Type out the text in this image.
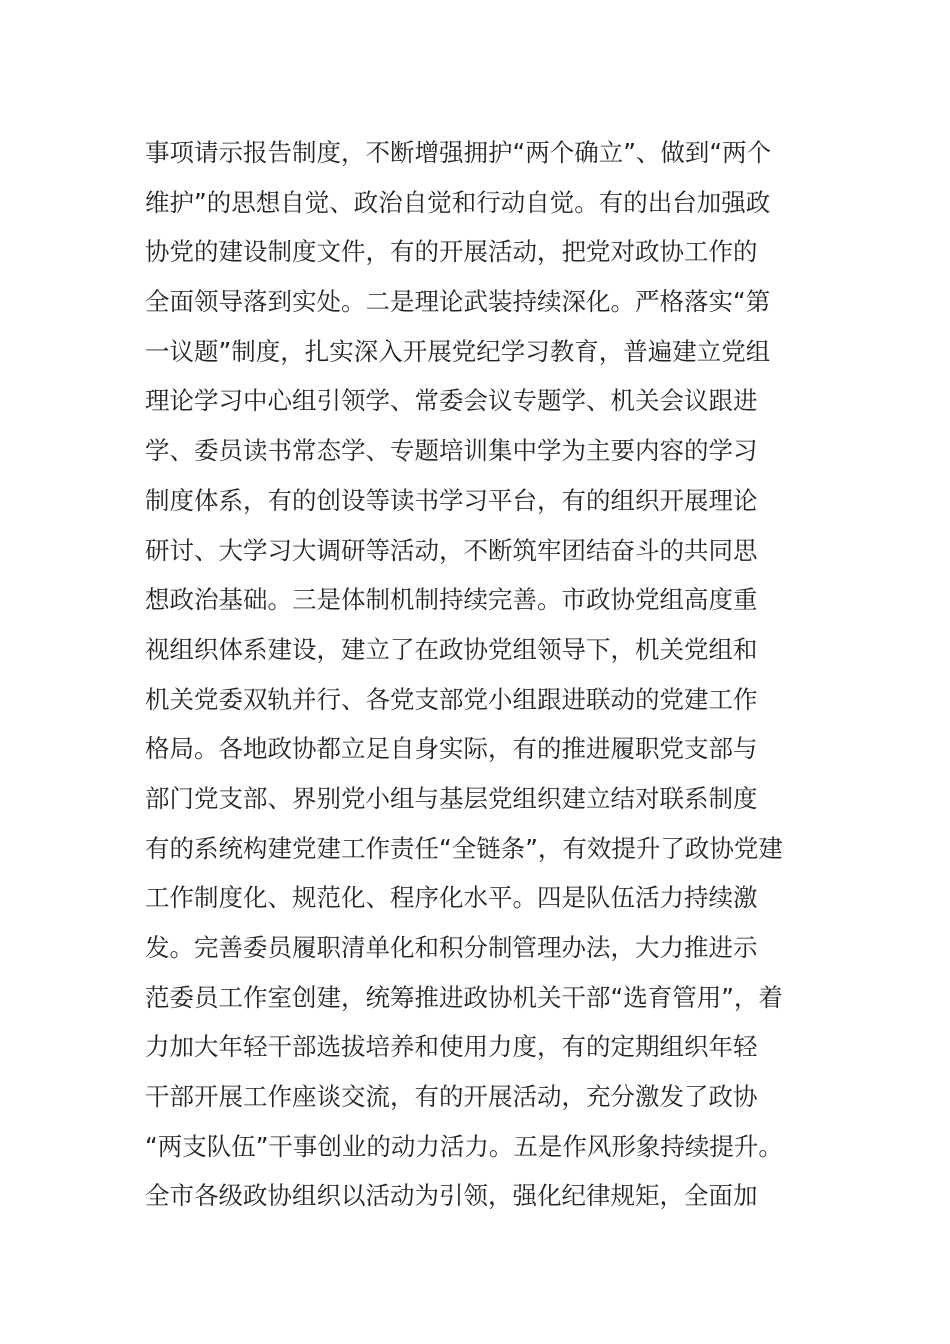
事项请示报告制度，不断增强拥护“两个确立”、做到“两个
维护”的思想自觉、政治自觉和行动自觉。有的出台加强政
协党的建设制度文件，有的开展活动，把党对政协工作的
全面领导落到实处。二是理论武装持续深化。严格落实“第
一议题”制度，扎实深入开展党纪学习教育，普遍建立党组
理论学习中心组引领学、常委会议专题学、机关会议跟进
学、委员读书常态学、专题培训集中学为主要内容的学习
制度体系，有的创设等读书学习平台，有的组织开展理论
研讨、大学习大调研等活动，不断筑牢团结奋斗的共同思
想政治基础。三是体制机制持续完善。市政协党组高度重
视组织体系建设，建立了在政协党组领导下，机关党组和
机关党委双轨并行、各党支部党小组跟进联动的党建工作
格局。各地政协都立足自身实际，有的推进履职党支部与
部门党支部、界别党小组与基层党组织建立结对联系制度
有的系统构建党建工作责任“全链条”，有效提升了政协党建
工作制度化、规范化、程序化水平。四是队伍活力持续激
发。完善委员履职清单化和积分制管理办法，大力推进示
范委员工作室创建，统筹推进政协机关干部“选育管用”，着
力加大年轻干部选拔培养和使用力度，有的定期组织年轻
干部开展工作座谈交流，有的开展活动，充分激发了政协
“两支队伍”干事创业的动力活力。五是作风形象持续提升。
全市各级政协组织以活动为引领，强化纪律规矩，全面加
